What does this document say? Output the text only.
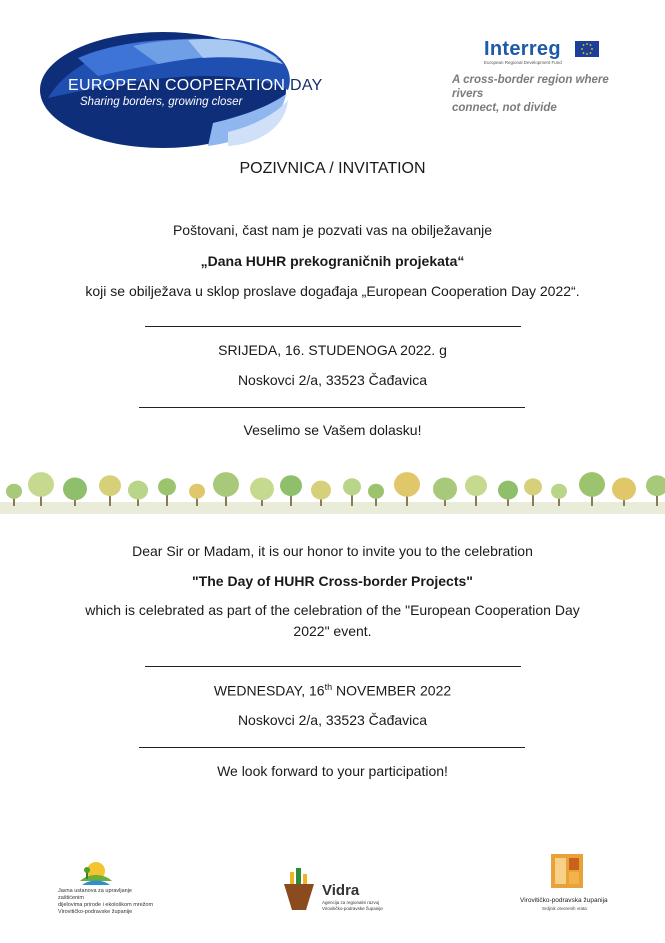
EUROPEAN COOPERATION DAY
Sharing borders, growing closer
Interreg
European Regional Development Fund
A cross-border region where rivers
connect, not divide
POZIVNICA / INVITATION
Poštovani, čast nam je pozvati vas na obilježavanje
„Dana HUHR prekograničnih projekata“
koji se obilježava u sklop proslave događaja „European Cooperation Day 2022“.
SRIJEDA, 16. STUDENOGA 2022. g
Noskovci 2/a, 33523 Čađavica
Veselimo se Vašem dolasku!
Dear Sir or Madam, it is our honor to invite you to the celebration
"The Day of HUHR Cross-border Projects"
which is celebrated as part of the celebration of the "European Cooperation Day
2022" event.
WEDNESDAY, 16th NOVEMBER 2022
Noskovci 2/a, 33523 Čađavica
We look forward to your participation!
Javna ustanova za upravljanje zaštićenim
dijelovima prirode i ekološkom mrežom
Virovitičko-podravske županije
Vidra
Agencija za regionalni razvoj
Virovitičko-podravske županije
Virovitičko-podravska županija
Srdjnik otvorenih vrata
